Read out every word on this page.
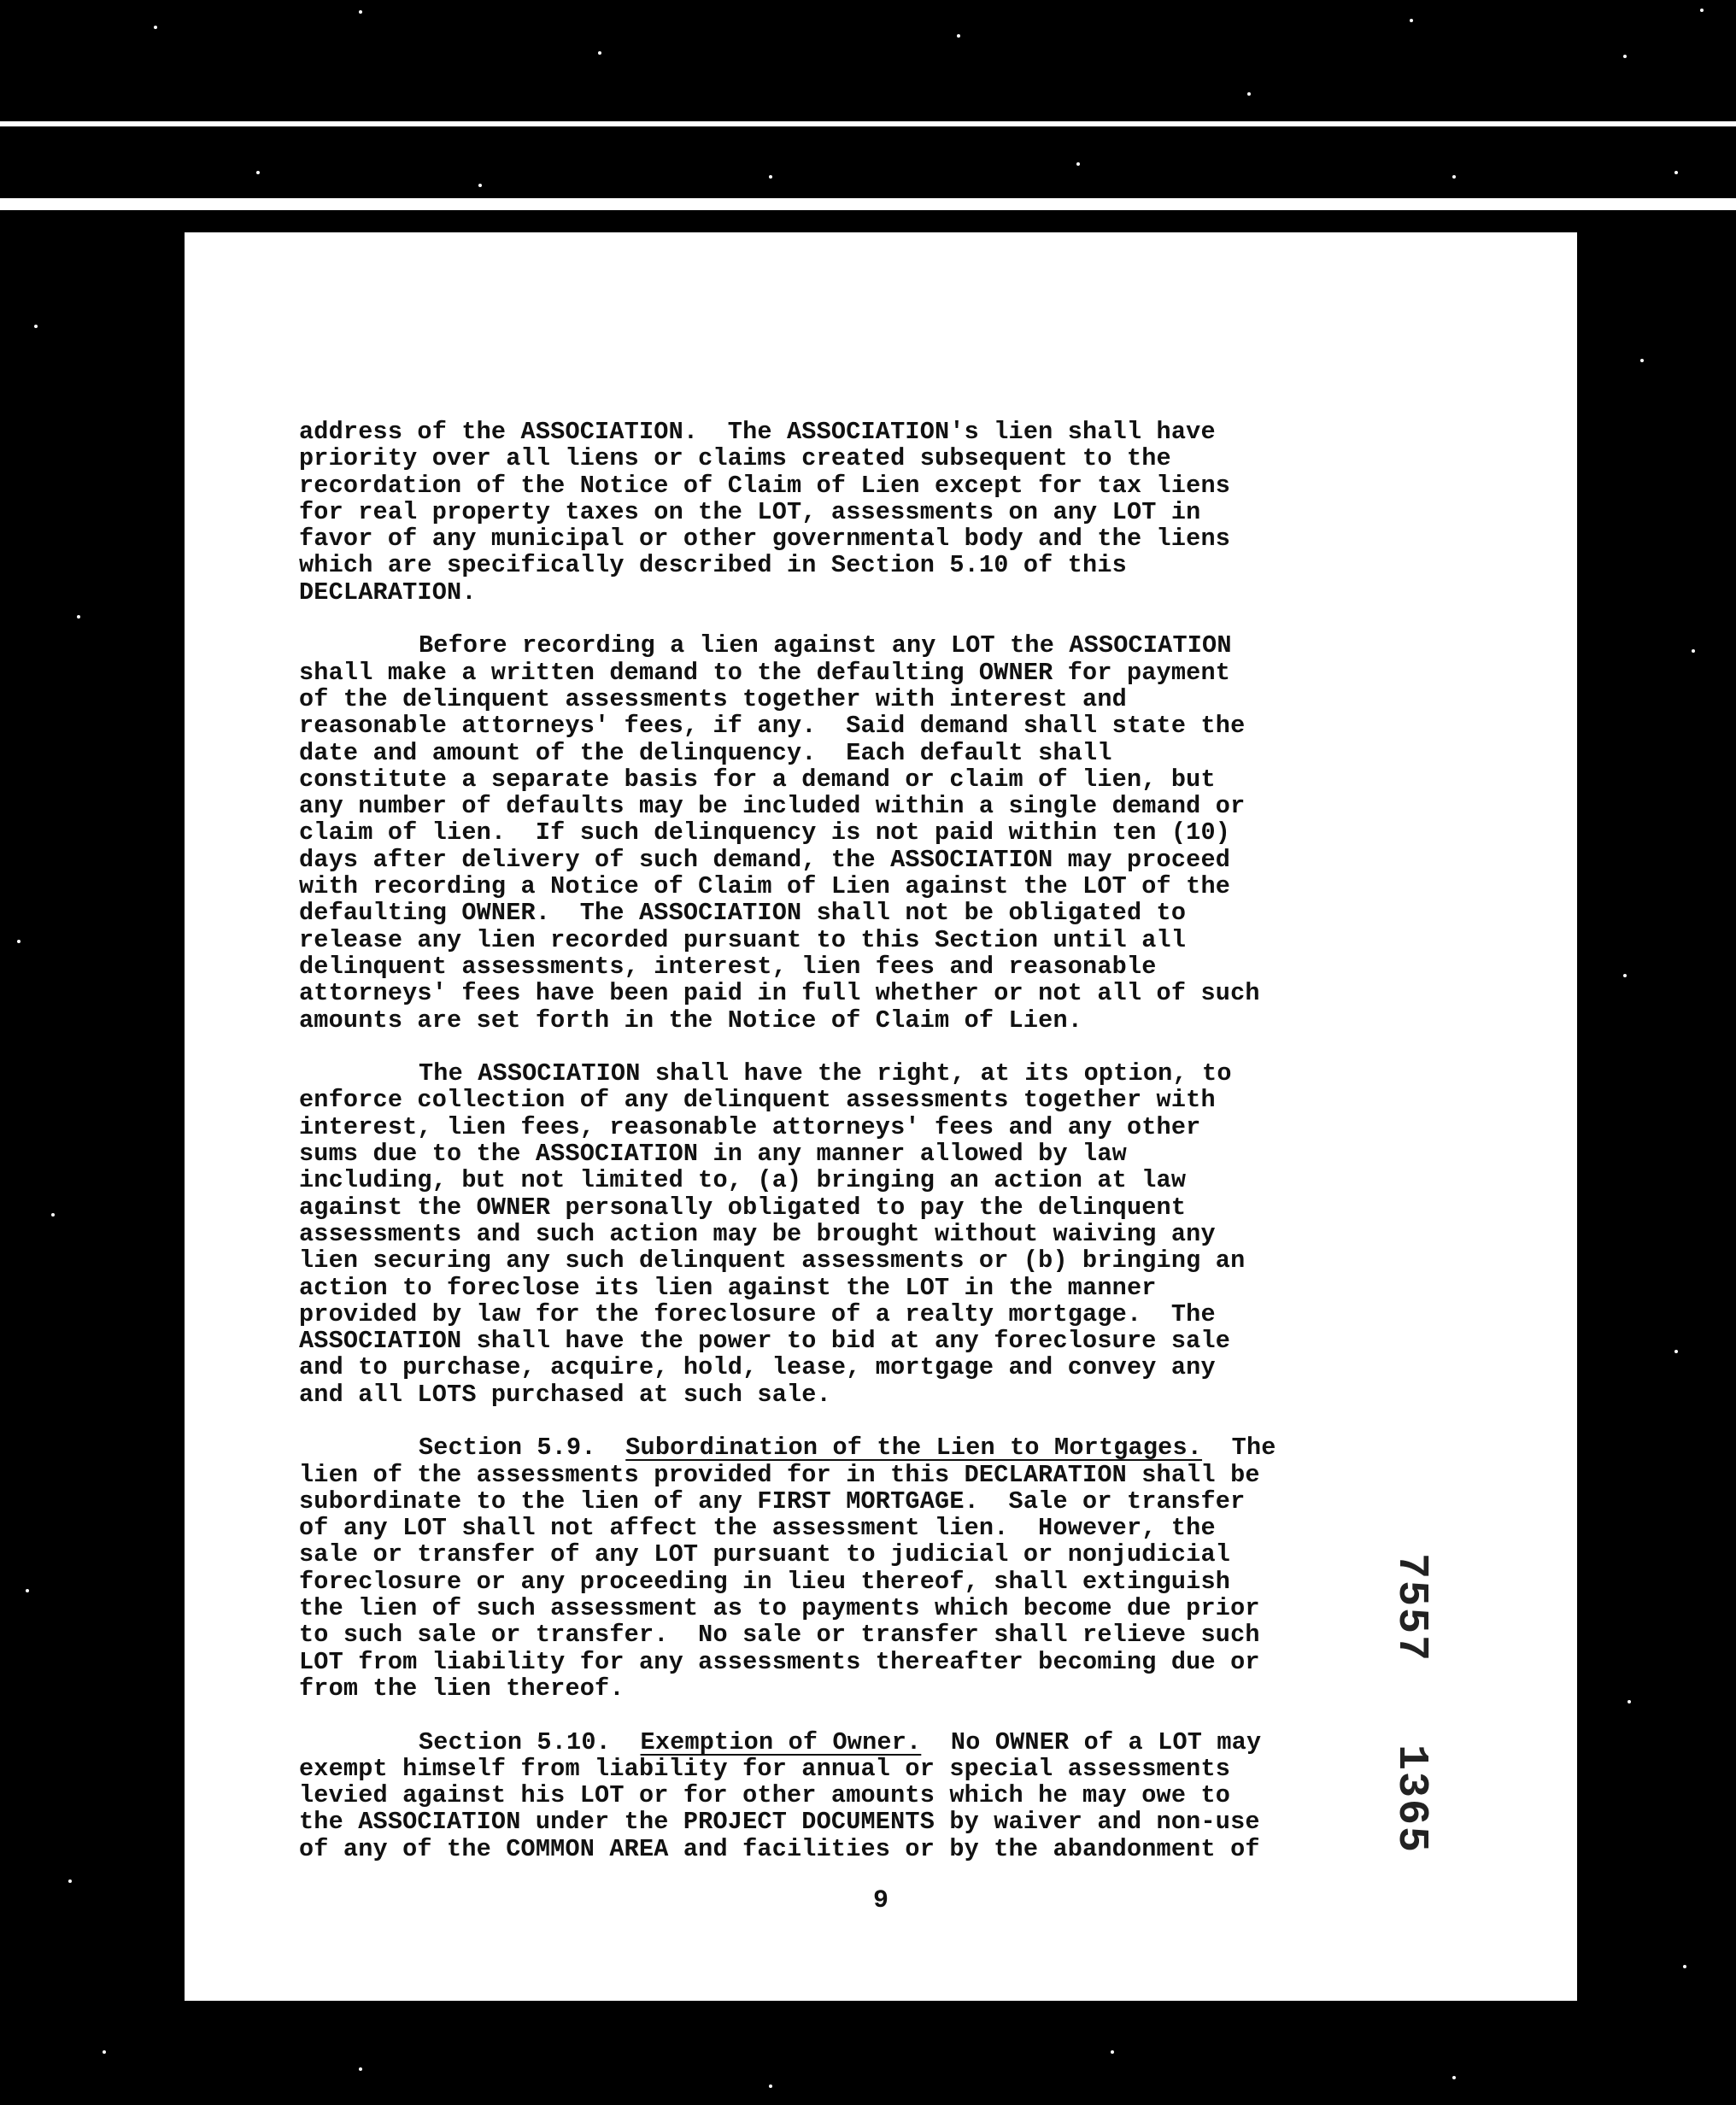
address of the ASSOCIATION.  The ASSOCIATION's lien shall have
priority over all liens or claims created subsequent to the
recordation of the Notice of Claim of Lien except for tax liens
for real property taxes on the LOT, assessments on any LOT in
favor of any municipal or other governmental body and the liens
which are specifically described in Section 5.10 of this
DECLARATION.
Before recording a lien against any LOT the ASSOCIATION
shall make a written demand to the defaulting OWNER for payment
of the delinquent assessments together with interest and
reasonable attorneys' fees, if any.  Said demand shall state the
date and amount of the delinquency.  Each default shall
constitute a separate basis for a demand or claim of lien, but
any number of defaults may be included within a single demand or
claim of lien.  If such delinquency is not paid within ten (10)
days after delivery of such demand, the ASSOCIATION may proceed
with recording a Notice of Claim of Lien against the LOT of the
defaulting OWNER.  The ASSOCIATION shall not be obligated to
release any lien recorded pursuant to this Section until all
delinquent assessments, interest, lien fees and reasonable
attorneys' fees have been paid in full whether or not all of such
amounts are set forth in the Notice of Claim of Lien.
The ASSOCIATION shall have the right, at its option, to
enforce collection of any delinquent assessments together with
interest, lien fees, reasonable attorneys' fees and any other
sums due to the ASSOCIATION in any manner allowed by law
including, but not limited to, (a) bringing an action at law
against the OWNER personally obligated to pay the delinquent
assessments and such action may be brought without waiving any
lien securing any such delinquent assessments or (b) bringing an
action to foreclose its lien against the LOT in the manner
provided by law for the foreclosure of a realty mortgage.  The
ASSOCIATION shall have the power to bid at any foreclosure sale
and to purchase, acquire, hold, lease, mortgage and convey any
and all LOTS purchased at such sale.
Section 5.9. Subordination of the Lien to Mortgages. The
lien of the assessments provided for in this DECLARATION shall be
subordinate to the lien of any FIRST MORTGAGE.  Sale or transfer
of any LOT shall not affect the assessment lien.  However, the
sale or transfer of any LOT pursuant to judicial or nonjudicial
foreclosure or any proceeding in lieu thereof, shall extinguish
the lien of such assessment as to payments which become due prior
to such sale or transfer.  No sale or transfer shall relieve such
LOT from liability for any assessments thereafter becoming due or
from the lien thereof.
Section 5.10. Exemption of Owner. No OWNER of a LOT may
exempt himself from liability for annual or special assessments
levied against his LOT or for other amounts which he may owe to
the ASSOCIATION under the PROJECT DOCUMENTS by waiver and non-use
of any of the COMMON AREA and facilities or by the abandonment of
9
7557   1365
